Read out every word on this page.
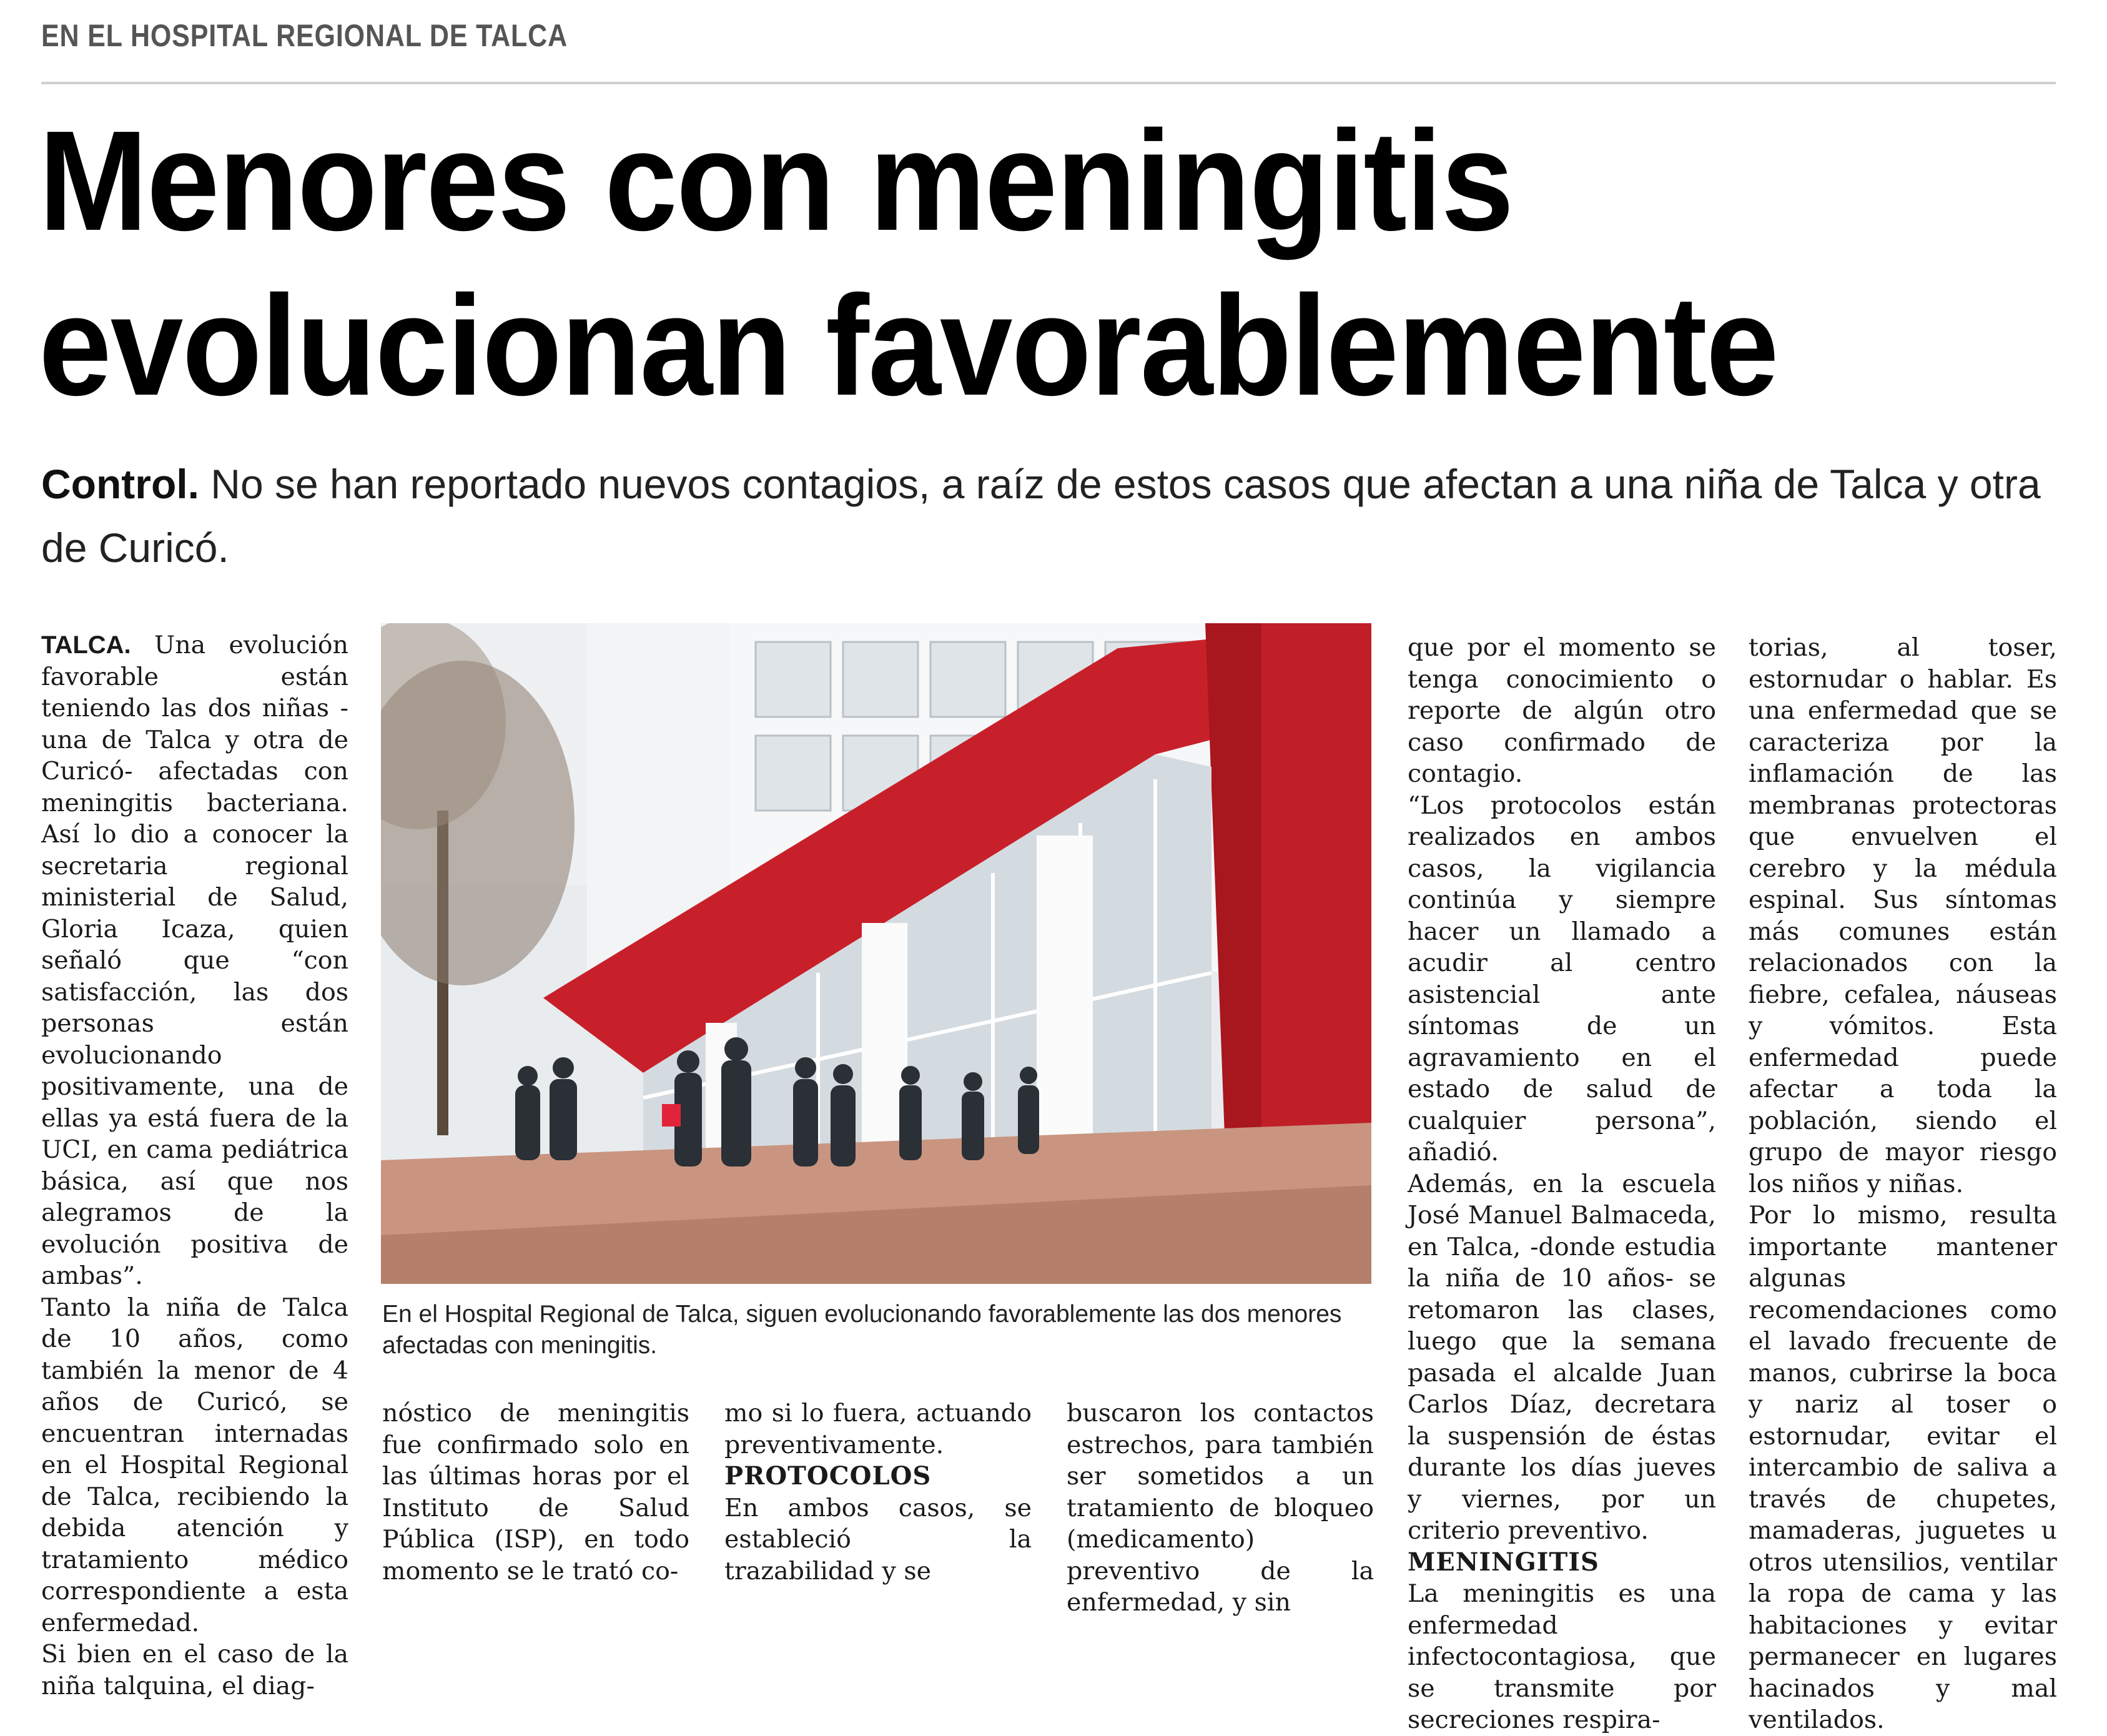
EN EL HOSPITAL REGIONAL DE TALCA
Menores con meningitis
evolucionan favorablemente
Control. No se han reportado nuevos contagios, a raíz de estos casos que afectan a una niña de Talca y otra de Curicó.

TALCA. Una evolución favorable están teniendo las dos niñas -una de Talca y otra de Curicó- afectadas con meningitis bacteriana. Así lo dio a conocer la secretaria regional ministerial de Salud, Gloria Icaza, quien señaló que “con satisfacción, las dos personas están evolucionando positivamente, una de ellas ya está fuera de la UCI, en cama pediátrica básica, así que nos alegramos de la evolución positiva de ambas”.

Tanto la niña de Talca de 10 años, como también la menor de 4 años de Curicó, se encuentran internadas en el Hospital Regional de Talca, recibiendo la debida atención y tratamiento médico correspondiente a esta enfermedad.

Si bien en el caso de la niña talquina, el diag-

En el Hospital Regional de Talca, siguen evolucionando favorablemente las dos menores afectadas con meningitis.

nóstico de meningitis fue confirmado solo en las últimas horas por el Instituto de Salud Pública (ISP), en todo momento se le trató co-

mo si lo fuera, actuando preventivamente.

PROTOCOLOS

En ambos casos, se estableció la trazabilidad y se

buscaron los contactos estrechos, para también ser sometidos a un tratamiento de bloqueo (medicamento) preventivo de la enfermedad, y sin

que por el momento se tenga conocimiento o reporte de algún otro caso confirmado de contagio.

“Los protocolos están realizados en ambos casos, la vigilancia continúa y siempre hacer un llamado a acudir al centro asistencial ante síntomas de un agravamiento en el estado de salud de cualquier persona”, añadió.

Además, en la escuela José Manuel Balmaceda, en Talca, -donde estudia la niña de 10 años- se retomaron las clases, luego que la semana pasada el alcalde Juan Carlos Díaz, decretara la suspensión de éstas durante los días jueves y viernes, por un criterio preventivo.

MENINGITIS

La meningitis es una enfermedad infectocontagiosa, que se transmite por secreciones respira-

torias, al toser, estornudar o hablar. Es una enfermedad que se caracteriza por la inflamación de las membranas protectoras que envuelven el cerebro y la médula espinal. Sus síntomas más comunes están relacionados con la fiebre, cefalea, náuseas y vómitos. Esta enfermedad puede afectar a toda la población, siendo el grupo de mayor riesgo los niños y niñas.

Por lo mismo, resulta importante mantener algunas recomendaciones como el lavado frecuente de manos, cubrirse la boca y nariz al toser o estornudar, evitar el intercambio de saliva a través de chupetes, mamaderas, juguetes u otros utensilios, ventilar la ropa de cama y las habitaciones y evitar permanecer en lugares hacinados y mal ventilados.
